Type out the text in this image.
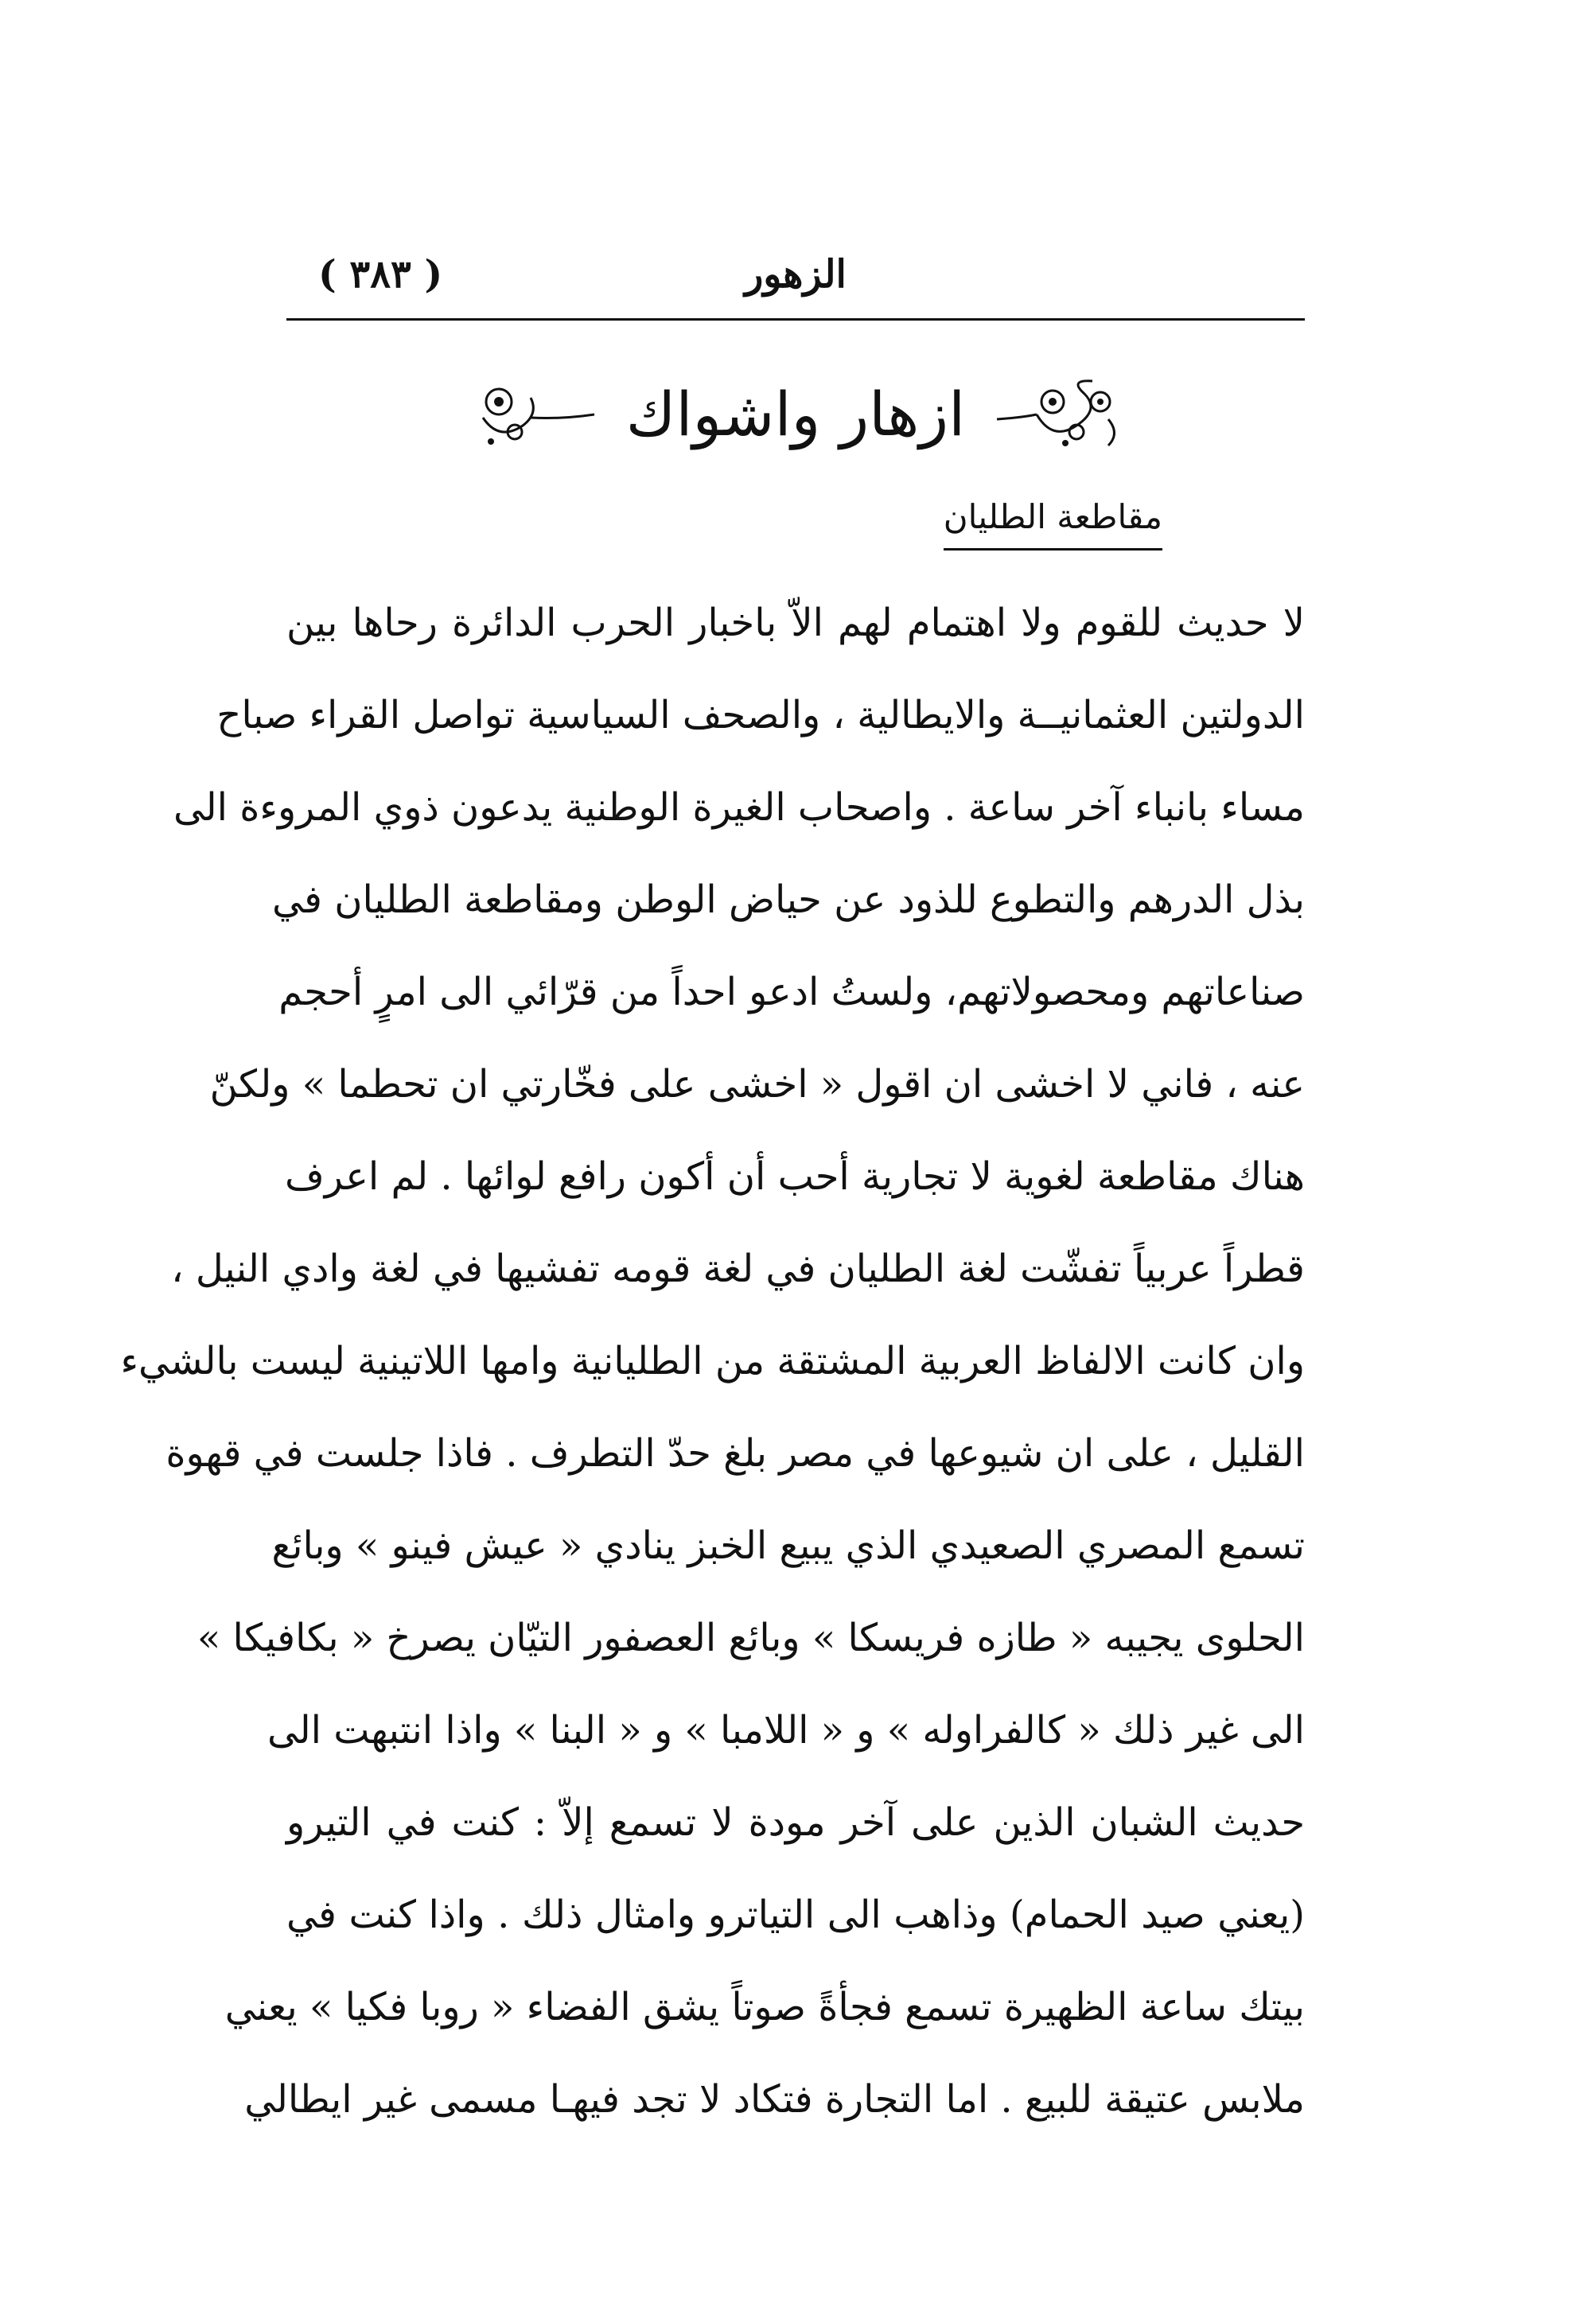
الزهور
( ٣٨٣ )
ازهار واشواك
مقاطعة الطليان
لا حديث للقوم ولا اهتمام لهم الاّ باخبار الحرب الدائرة رحاها بين
الدولتين العثمانيــة والايطالية ، والصحف السياسية تواصل القراء صباح
مساء بانباء آخر ساعة . واصحاب الغيرة الوطنية يدعون ذوي المروءة الى
بذل الدرهم والتطوع للذود عن حياض الوطن ومقاطعة الطليان في
صناعاتهم ومحصولاتهم، ولستُ ادعو احداً من قرّائي الى امرٍ أحجم
عنه ، فاني لا اخشى ان اقول « اخشى على فخّارتي ان تحطما » ولكنّ
هناك مقاطعة لغوية لا تجارية أحب أن أكون رافع لوائها . لم اعرف
قطراً عربياً تفشّت لغة الطليان في لغة قومه تفشيها في لغة وادي النيل ،
وان كانت الالفاظ العربية المشتقة من الطليانية وامها اللاتينية ليست بالشيء
القليل ، على ان شيوعها في مصر بلغ حدّ التطرف . فاذا جلست في قهوة
تسمع المصري الصعيدي الذي يبيع الخبز ينادي « عيش فينو » وبائع
الحلوى يجيبه « طازه فريسكا » وبائع العصفور التيّان يصرخ « بكافيكا »
الى غير ذلك « كالفراوله » و « اللامبا » و « البنا » واذا انتبهت الى
حديث الشبان الذين على آخر مودة لا تسمع إلاّ : كنت في التيرو
(يعني صيد الحمام) وذاهب الى التياترو وامثال ذلك . واذا كنت في
بيتك ساعة الظهيرة تسمع فجأةً صوتاً يشق الفضاء « روبا فكيا » يعني
ملابس عتيقة للبيع . اما التجارة فتكاد لا تجد فيهـا مسمى غير ايطالي
